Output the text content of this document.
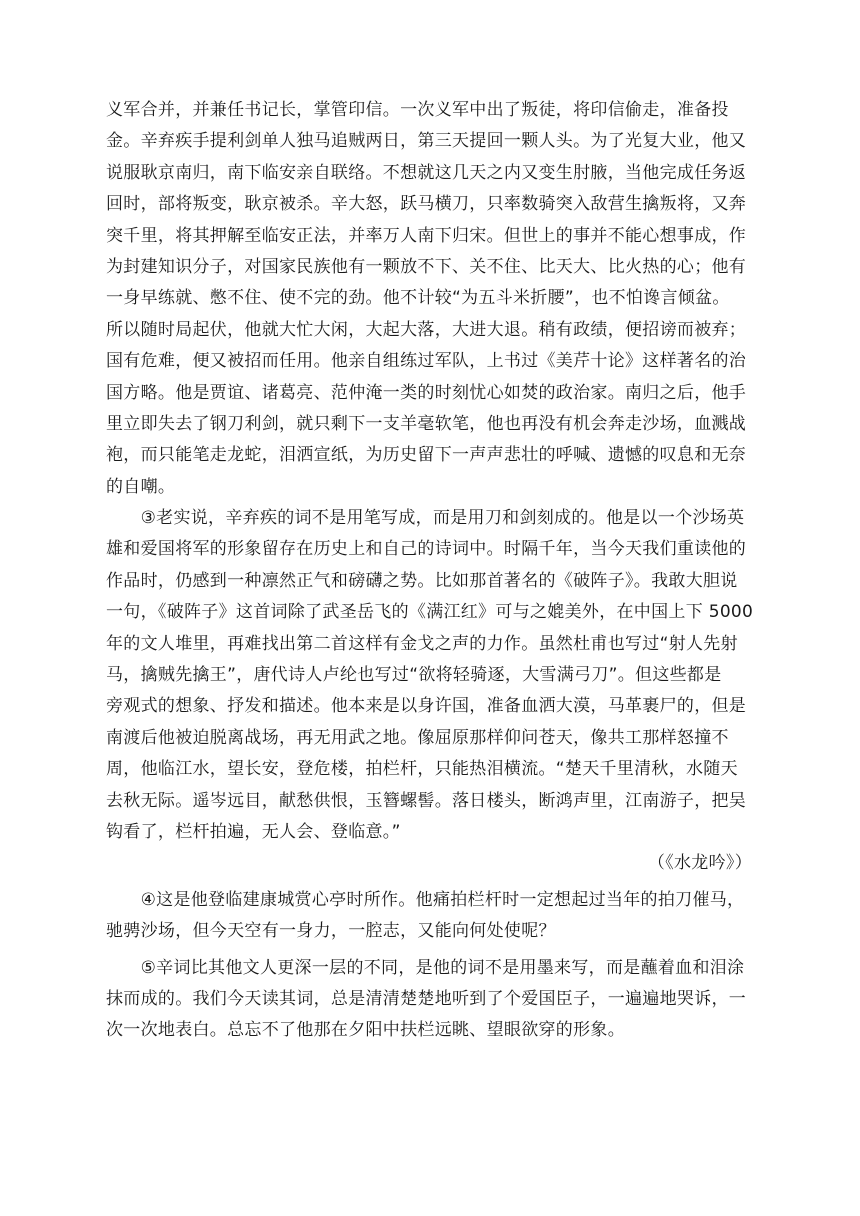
义军合并，并兼任书记长，掌管印信。一次义军中出了叛徒，将印信偷走，准备投
金。辛弃疾手提利剑单人独马追贼两日，第三天提回一颗人头。为了光复大业，他又
说服耿京南归，南下临安亲自联络。不想就这几天之内又变生肘腋，当他完成任务返
回时，部将叛变，耿京被杀。辛大怒，跃马横刀，只率数骑突入敌营生擒叛将，又奔
突千里，将其押解至临安正法，并率万人南下归宋。但世上的事并不能心想事成，作
为封建知识分子，对国家民族他有一颗放不下、关不住、比天大、比火热的心；他有
一身早练就、憋不住、使不完的劲。他不计较“为五斗米折腰”，也不怕谗言倾盆。
所以随时局起伏，他就大忙大闲，大起大落，大进大退。稍有政绩，便招谤而被弃；
国有危难，便又被招而任用。他亲自组练过军队，上书过《美芹十论》这样著名的治
国方略。他是贾谊、诸葛亮、范仲淹一类的时刻忧心如焚的政治家。南归之后，他手
里立即失去了钢刀利剑，就只剩下一支羊毫软笔，他也再没有机会奔走沙场，血溅战
袍，而只能笔走龙蛇，泪洒宣纸，为历史留下一声声悲壮的呼喊、遗憾的叹息和无奈
的自嘲。
　　③老实说，辛弃疾的词不是用笔写成，而是用刀和剑刻成的。他是以一个沙场英
雄和爱国将军的形象留存在历史上和自己的诗词中。时隔千年，当今天我们重读他的
作品时，仍感到一种凛然正气和磅礴之势。比如那首著名的《破阵子》。我敢大胆说
一句，《破阵子》这首词除了武圣岳飞的《满江红》可与之媲美外，在中国上下 5000
年的文人堆里，再难找出第二首这样有金戈之声的力作。虽然杜甫也写过“射人先射
马，擒贼先擒王”，唐代诗人卢纶也写过“欲将轻骑逐，大雪满弓刀”。但这些都是
旁观式的想象、抒发和描述。他本来是以身许国，准备血洒大漠，马革裹尸的，但是
南渡后他被迫脱离战场，再无用武之地。像屈原那样仰问苍天，像共工那样怒撞不
周，他临江水，望长安，登危楼，拍栏杆，只能热泪横流。“楚天千里清秋，水随天
去秋无际。遥岑远目，献愁供恨，玉簪螺髻。落日楼头，断鸿声里，江南游子，把吴
钩看了，栏杆拍遍，无人会、登临意。”
（《水龙吟》）
　　④这是他登临建康城赏心亭时所作。他痛拍栏杆时一定想起过当年的拍刀催马，
驰骋沙场，但今天空有一身力，一腔志，又能向何处使呢？
　　⑤辛词比其他文人更深一层的不同，是他的词不是用墨来写，而是蘸着血和泪涂
抹而成的。我们今天读其词，总是清清楚楚地听到了个爱国臣子，一遍遍地哭诉，一
次一次地表白。总忘不了他那在夕阳中扶栏远眺、望眼欲穿的形象。
